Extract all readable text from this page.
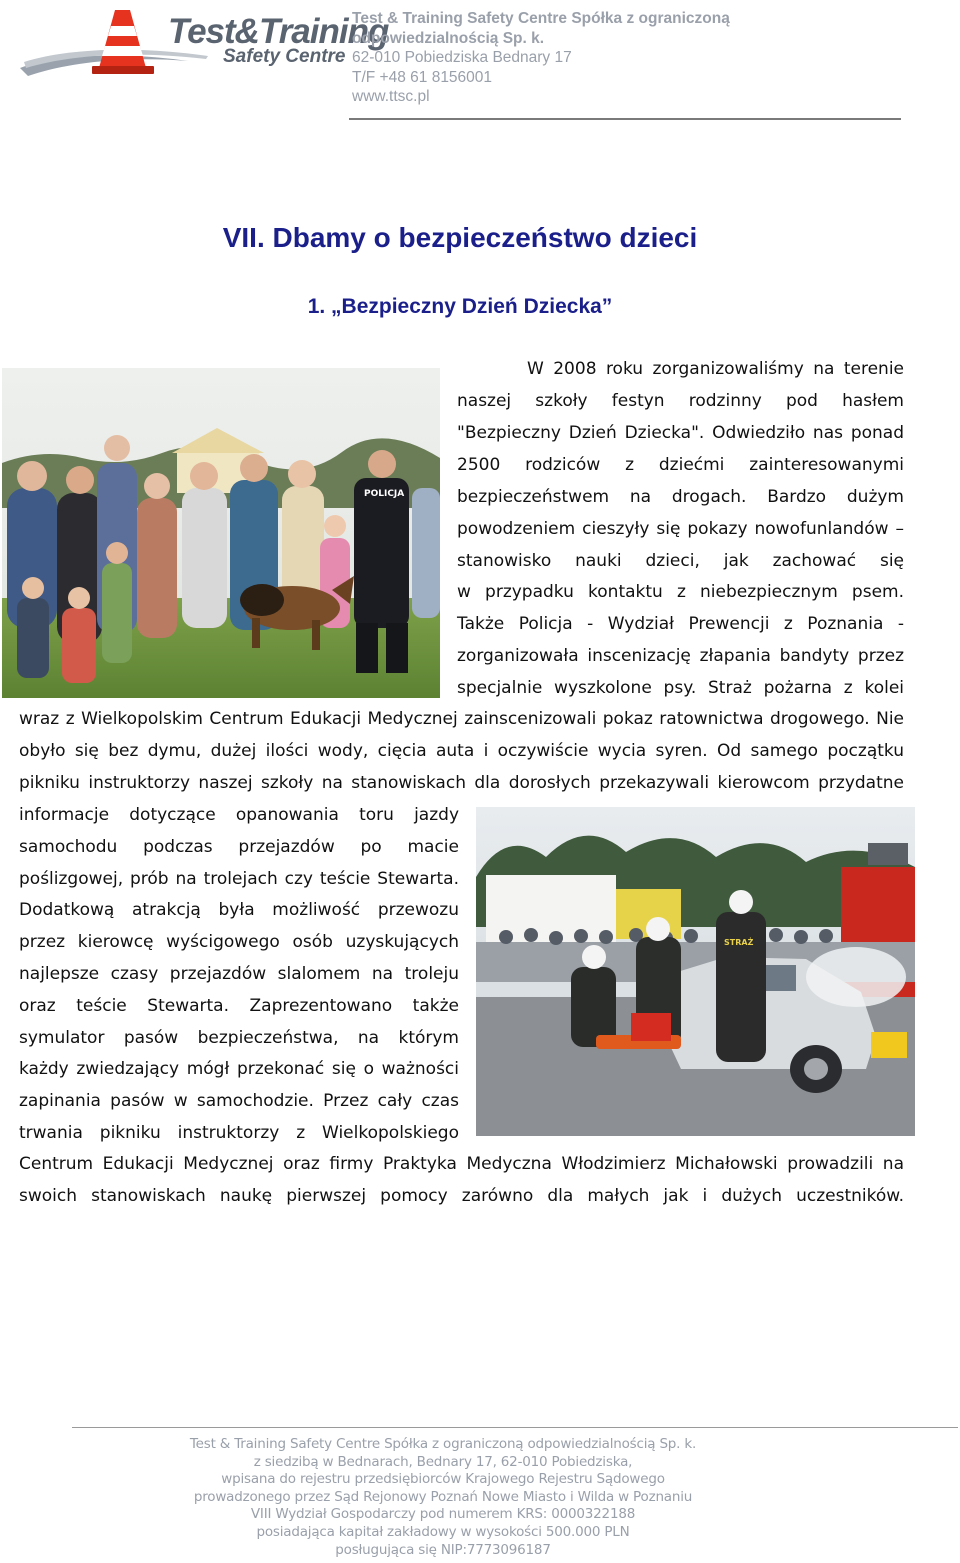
Test&Training
Safety Centre
Test & Training Safety Centre Spółka z ograniczoną
odpowiedzialnością Sp. k.
62-010 Pobiedziska Bednary 17
T/F +48 61 8156001
www.ttsc.pl
VII. Dbamy o bezpieczeństwo dzieci
1. „Bezpieczny Dzień Dziecka”
POLICJA
W 2008 roku zorganizowaliśmy na terenie
naszej szkoły festyn rodzinny pod hasłem
"Bezpieczny Dzień Dziecka". Odwiedziło nas ponad
2500 rodziców z dziećmi zainteresowanymi
bezpieczeństwem na drogach. Bardzo dużym
powodzeniem cieszyły się pokazy nowofunlandów –
stanowisko nauki dzieci, jak zachować się
w przypadku kontaktu z niebezpiecznym psem.
Także Policja - Wydział Prewencji z Poznania -
zorganizowała inscenizację złapania bandyty przez
specjalnie wyszkolone psy. Straż pożarna z kolei
wraz z Wielkopolskim Centrum Edukacji Medycznej zainscenizowali pokaz ratownictwa drogowego. Nie
obyło się bez dymu, dużej ilości wody, cięcia auta i oczywiście wycia syren. Od samego początku
pikniku instruktorzy naszej szkoły na stanowiskach dla dorosłych przekazywali kierowcom przydatne
informacje dotyczące opanowania toru jazdy
samochodu podczas przejazdów po macie
poślizgowej, prób na trolejach czy teście Stewarta.
Dodatkową atrakcją była możliwość przewozu
przez kierowcę wyścigowego osób uzyskujących
najlepsze czasy przejazdów slalomem na troleju
oraz teście Stewarta. Zaprezentowano także
symulator pasów bezpieczeństwa, na którym
każdy zwiedzający mógł przekonać się o ważności
zapinania pasów w samochodzie. Przez cały czas
trwania pikniku instruktorzy z Wielkopolskiego
Centrum Edukacji Medycznej oraz firmy Praktyka Medyczna Włodzimierz Michałowski prowadzili na
swoich stanowiskach naukę pierwszej pomocy zarówno dla małych jak i dużych uczestników.
STRAŻ
Test & Training Safety Centre Spółka z ograniczoną odpowiedzialnością Sp. k.
z siedzibą w Bednarach, Bednary 17, 62-010 Pobiedziska,
wpisana do rejestru przedsiębiorców Krajowego Rejestru Sądowego
prowadzonego przez Sąd Rejonowy Poznań Nowe Miasto i Wilda w Poznaniu
VIII Wydział Gospodarczy pod numerem KRS: 0000322188
posiadająca kapitał zakładowy w wysokości 500.000 PLN
posługująca się NIP:7773096187
